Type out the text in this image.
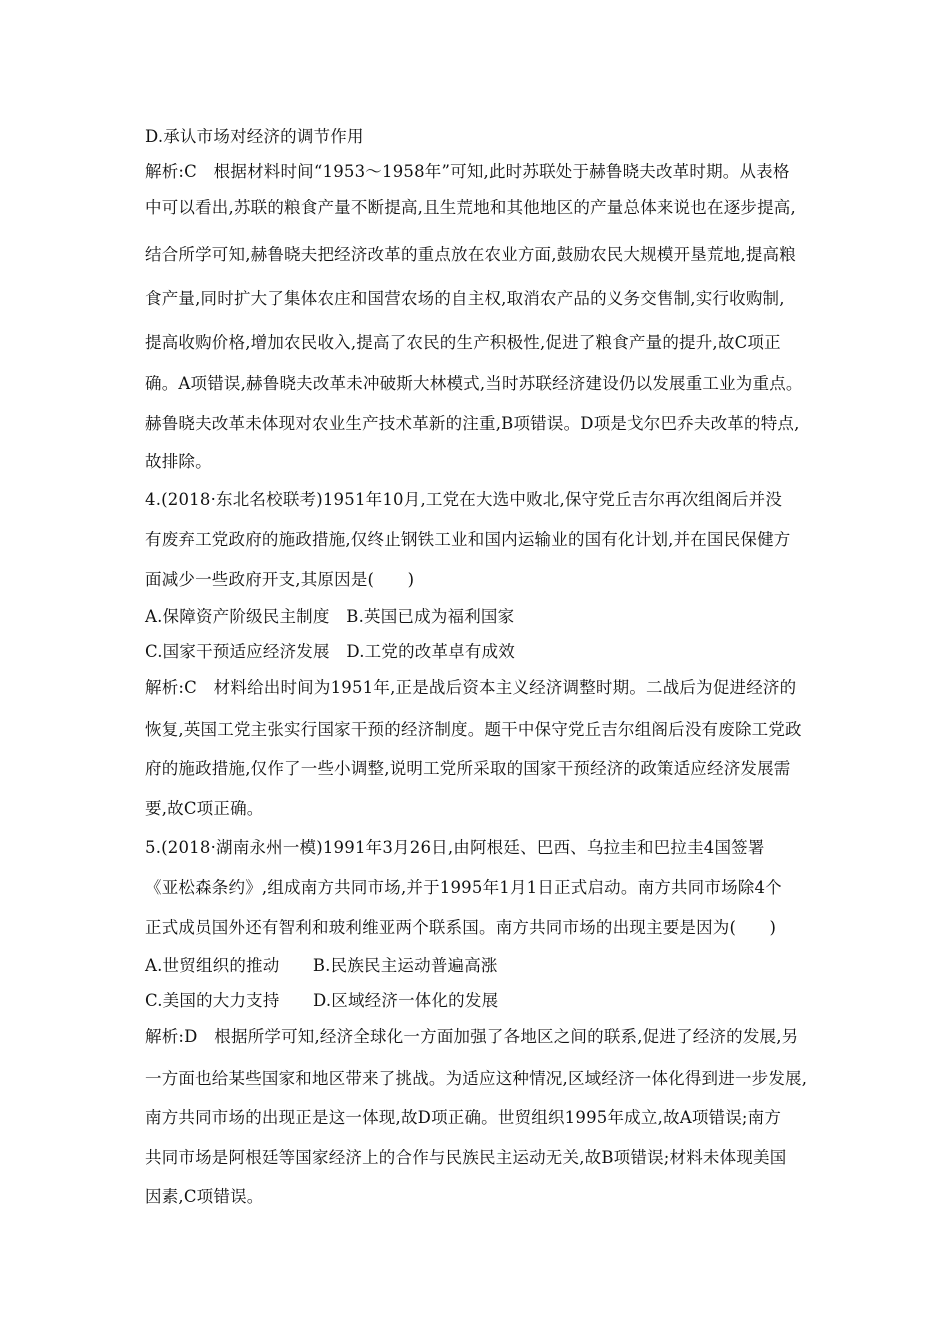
D.承认市场对经济的调节作用
解析:C　根据材料时间“1953～1958年”可知,此时苏联处于赫鲁晓夫改革时期。从表格
中可以看出,苏联的粮食产量不断提高,且生荒地和其他地区的产量总体来说也在逐步提高,
结合所学可知,赫鲁晓夫把经济改革的重点放在农业方面,鼓励农民大规模开垦荒地,提高粮
食产量,同时扩大了集体农庄和国营农场的自主权,取消农产品的义务交售制,实行收购制,
提高收购价格,增加农民收入,提高了农民的生产积极性,促进了粮食产量的提升,故C项正
确。A项错误,赫鲁晓夫改革未冲破斯大林模式,当时苏联经济建设仍以发展重工业为重点。
赫鲁晓夫改革未体现对农业生产技术革新的注重,B项错误。D项是戈尔巴乔夫改革的特点,
故排除。
4.(2018·东北名校联考)1951年10月,工党在大选中败北,保守党丘吉尔再次组阁后并没
有废弃工党政府的施政措施,仅终止钢铁工业和国内运输业的国有化计划,并在国民保健方
面减少一些政府开支,其原因是(　　)
A.保障资产阶级民主制度　B.英国已成为福利国家
C.国家干预适应经济发展　D.工党的改革卓有成效
解析:C　材料给出时间为1951年,正是战后资本主义经济调整时期。二战后为促进经济的
恢复,英国工党主张实行国家干预的经济制度。题干中保守党丘吉尔组阁后没有废除工党政
府的施政措施,仅作了一些小调整,说明工党所采取的国家干预经济的政策适应经济发展需
要,故C项正确。
5.(2018·湖南永州一模)1991年3月26日,由阿根廷、巴西、乌拉圭和巴拉圭4国签署
《亚松森条约》,组成南方共同市场,并于1995年1月1日正式启动。南方共同市场除4个
正式成员国外还有智利和玻利维亚两个联系国。南方共同市场的出现主要是因为(　　)
A.世贸组织的推动　　B.民族民主运动普遍高涨
C.美国的大力支持　　D.区域经济一体化的发展
解析:D　根据所学可知,经济全球化一方面加强了各地区之间的联系,促进了经济的发展,另
一方面也给某些国家和地区带来了挑战。为适应这种情况,区域经济一体化得到进一步发展,
南方共同市场的出现正是这一体现,故D项正确。世贸组织1995年成立,故A项错误;南方
共同市场是阿根廷等国家经济上的合作与民族民主运动无关,故B项错误;材料未体现美国
因素,C项错误。
